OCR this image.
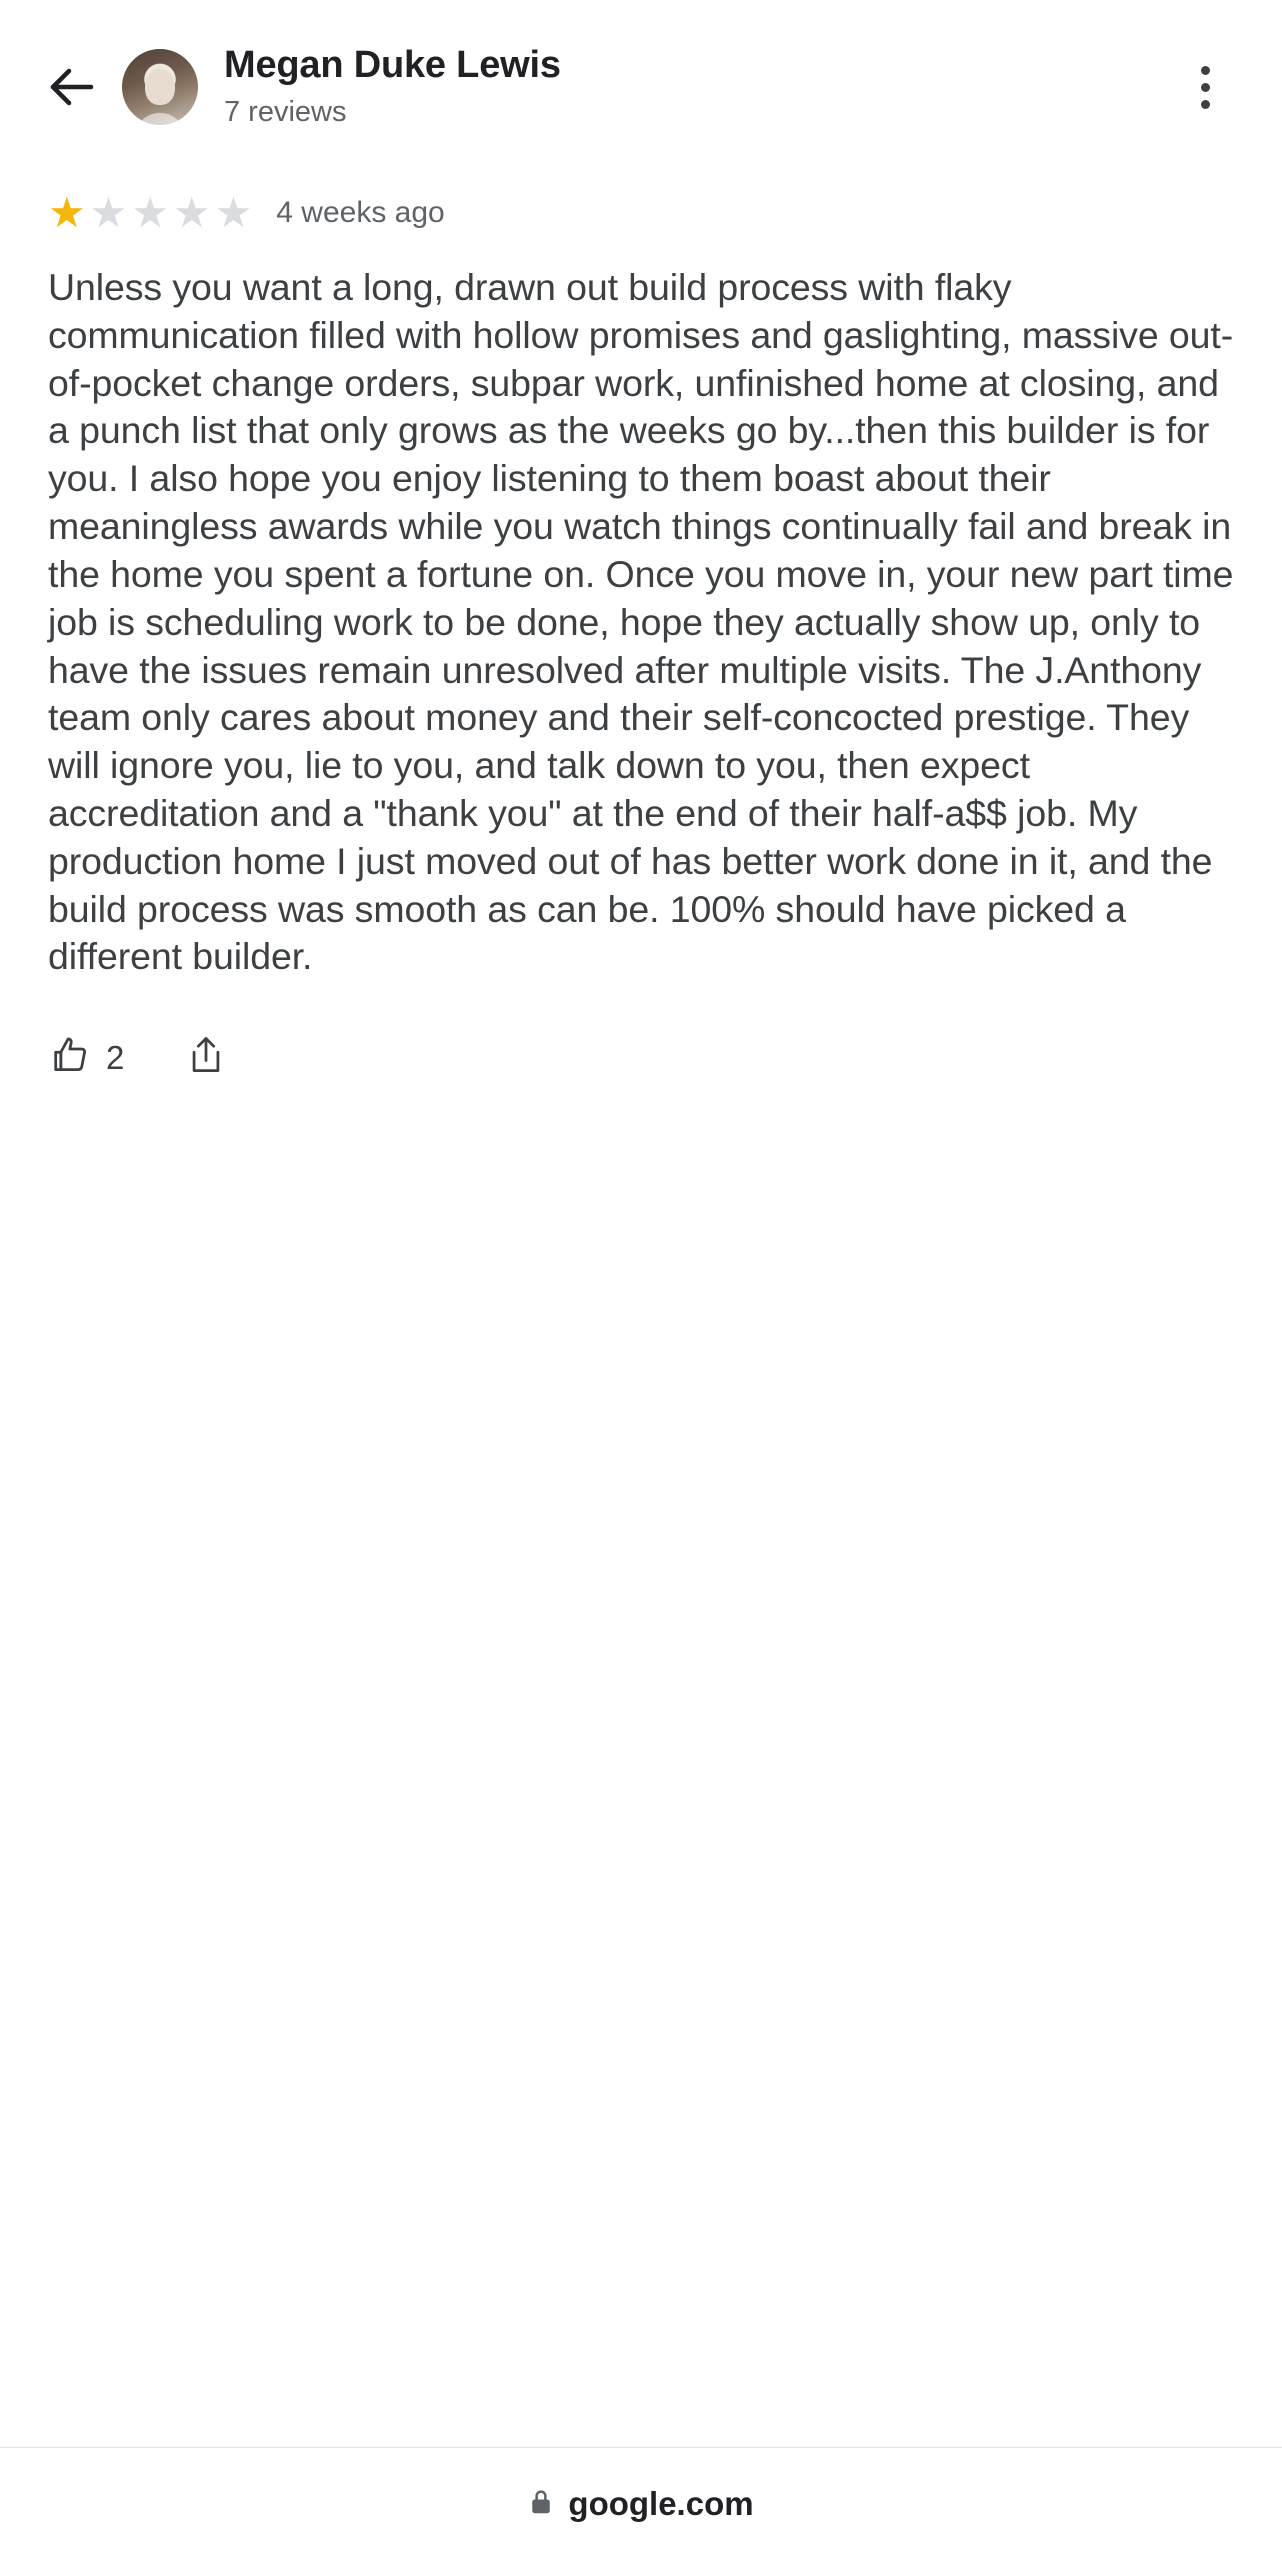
Megan Duke Lewis
7 reviews
★ ★ ★ ★ ★ 4 weeks ago
Unless you want a long, drawn out build process with flaky communication filled with hollow promises and gaslighting, massive out-of-pocket change orders, subpar work, unfinished home at closing, and a punch list that only grows as the weeks go by...then this builder is for you. I also hope you enjoy listening to them boast about their meaningless awards while you watch things continually fail and break in the home you spent a fortune on. Once you move in, your new part time job is scheduling work to be done, hope they actually show up, only to have the issues remain unresolved after multiple visits. The J.Anthony team only cares about money and their self-concocted prestige. They will ignore you, lie to you, and talk down to you, then expect accreditation and a "thank you" at the end of their half-a$$ job. My production home I just moved out of has better work done in it, and the build process was smooth as can be. 100% should have picked a different builder.
2
google.com
